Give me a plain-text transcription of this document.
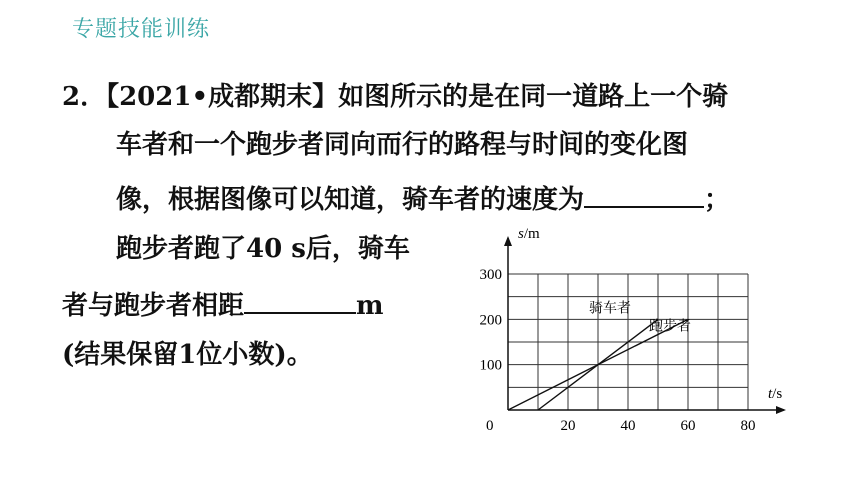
专题技能训练
2．【2021•成都期末】如图所示的是在同一道路上一个骑
车者和一个跑步者同向而行的路程与时间的变化图
像，根据图像可以知道，骑车者的速度为	；
跑步者跑了40 s后，骑车
者与跑步者相距	m
(结果保留1位小数)。
s/m
t/s
0	20	40	60	80
100
200
300
骑车者
跑步者
